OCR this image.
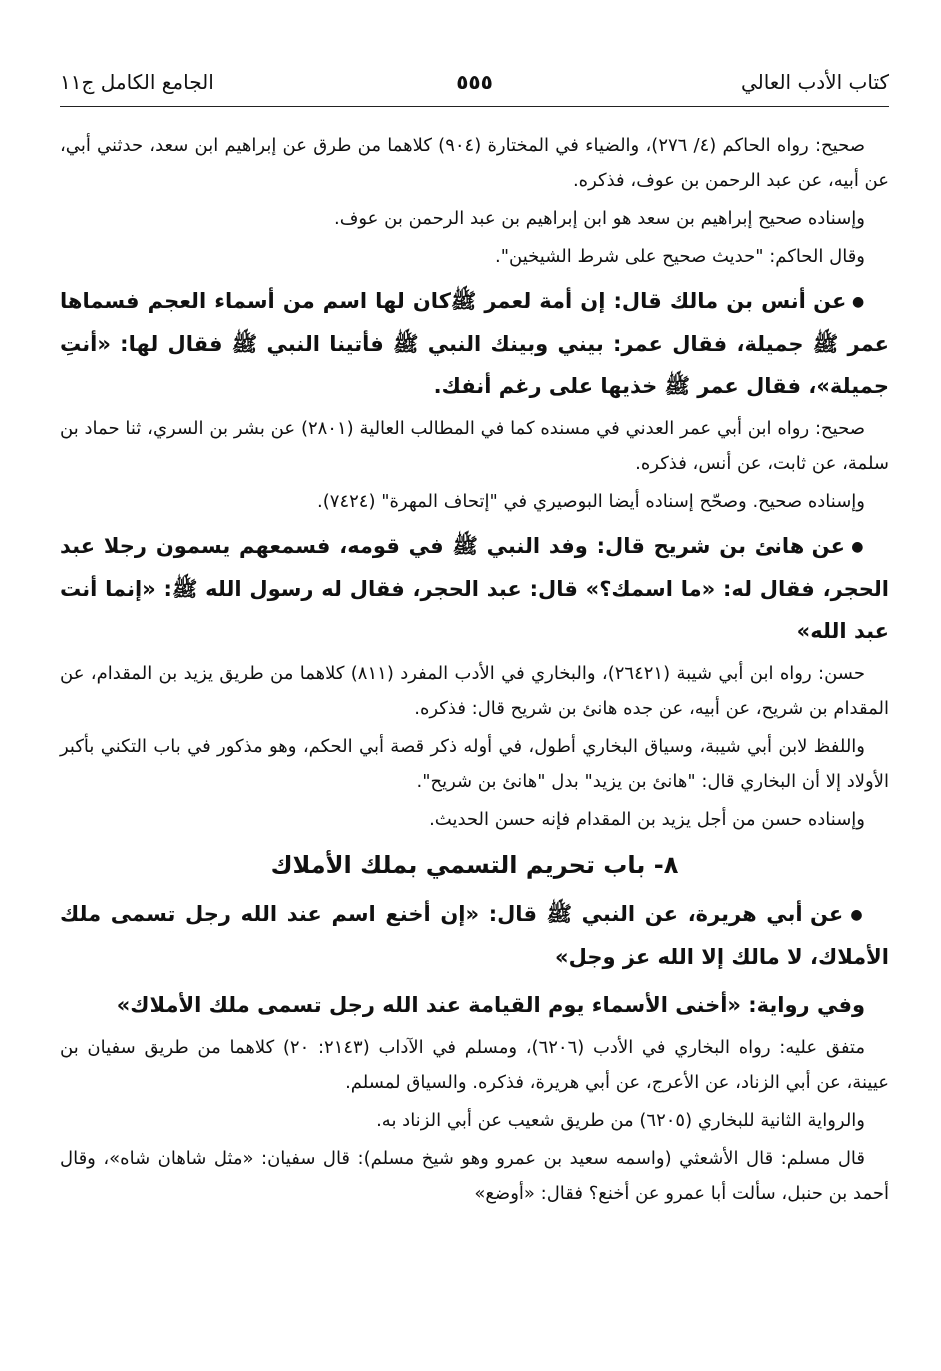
كتاب الأدب العالي
٥٥٥
الجامع الكامل ج١١

صحيح: رواه الحاكم (٤/ ٢٧٦)، والضياء في المختارة (٩٠٤) كلاهما من طرق عن إبراهيم ابن سعد، حدثني أبي، عن أبيه، عن عبد الرحمن بن عوف، فذكره.

وإسناده صحيح إبراهيم بن سعد هو ابن إبراهيم بن عبد الرحمن بن عوف.

وقال الحاكم: "حديث صحيح على شرط الشيخين".

● عن أنس بن مالك قال: إن أمة لعمر ﷺكان لها اسم من أسماء العجم فسماها عمر ﷺ جميلة، فقال عمر: بيني وبينك النبي ﷺ فأتينا النبي ﷺ فقال لها: «أنتِ جميلة»، فقال عمر ﷺ خذيها على رغم أنفك.

صحيح: رواه ابن أبي عمر العدني في مسنده كما في المطالب العالية (٢٨٠١) عن بشر بن السري، ثنا حماد بن سلمة، عن ثابت، عن أنس، فذكره.

وإسناده صحيح. وصحّح إسناده أيضا البوصيري في "إتحاف المهرة" (٧٤٢٤).

● عن هانئ بن شريح قال: وفد النبي ﷺ في قومه، فسمعهم يسمون رجلا عبد الحجر، فقال له: «ما اسمك؟» قال: عبد الحجر، فقال له رسول الله ﷺ: «إنما أنت عبد الله»

حسن: رواه ابن أبي شيبة (٢٦٤٢١)، والبخاري في الأدب المفرد (٨١١) كلاهما من طريق يزيد بن المقدام، عن المقدام بن شريح، عن أبيه، عن جده هانئ بن شريح قال: فذكره.

واللفظ لابن أبي شيبة، وسياق البخاري أطول، في أوله ذكر قصة أبي الحكم، وهو مذكور في باب التكني بأكبر الأولاد إلا أن البخاري قال: "هانئ بن يزيد" بدل "هانئ بن شريح".

وإسناده حسن من أجل يزيد بن المقدام فإنه حسن الحديث.

٨- باب تحريم التسمي بملك الأملاك

● عن أبي هريرة، عن النبي ﷺ قال: «إن أخنع اسم عند الله رجل تسمى ملك الأملاك، لا مالك إلا الله عز وجل»

وفي رواية: «أخنى الأسماء يوم القيامة عند الله رجل تسمى ملك الأملاك»

متفق عليه: رواه البخاري في الأدب (٦٢٠٦)، ومسلم في الآداب (٢١٤٣: ٢٠) كلاهما من طريق سفيان بن عيينة، عن أبي الزناد، عن الأعرج، عن أبي هريرة، فذكره. والسياق لمسلم.

والرواية الثانية للبخاري (٦٢٠٥) من طريق شعيب عن أبي الزناد به.

قال مسلم: قال الأشعثي (واسمه سعيد بن عمرو وهو شيخ مسلم): قال سفيان: «مثل شاهان شاه»، وقال أحمد بن حنبل، سألت أبا عمرو عن أخنع؟ فقال: «أوضع»
